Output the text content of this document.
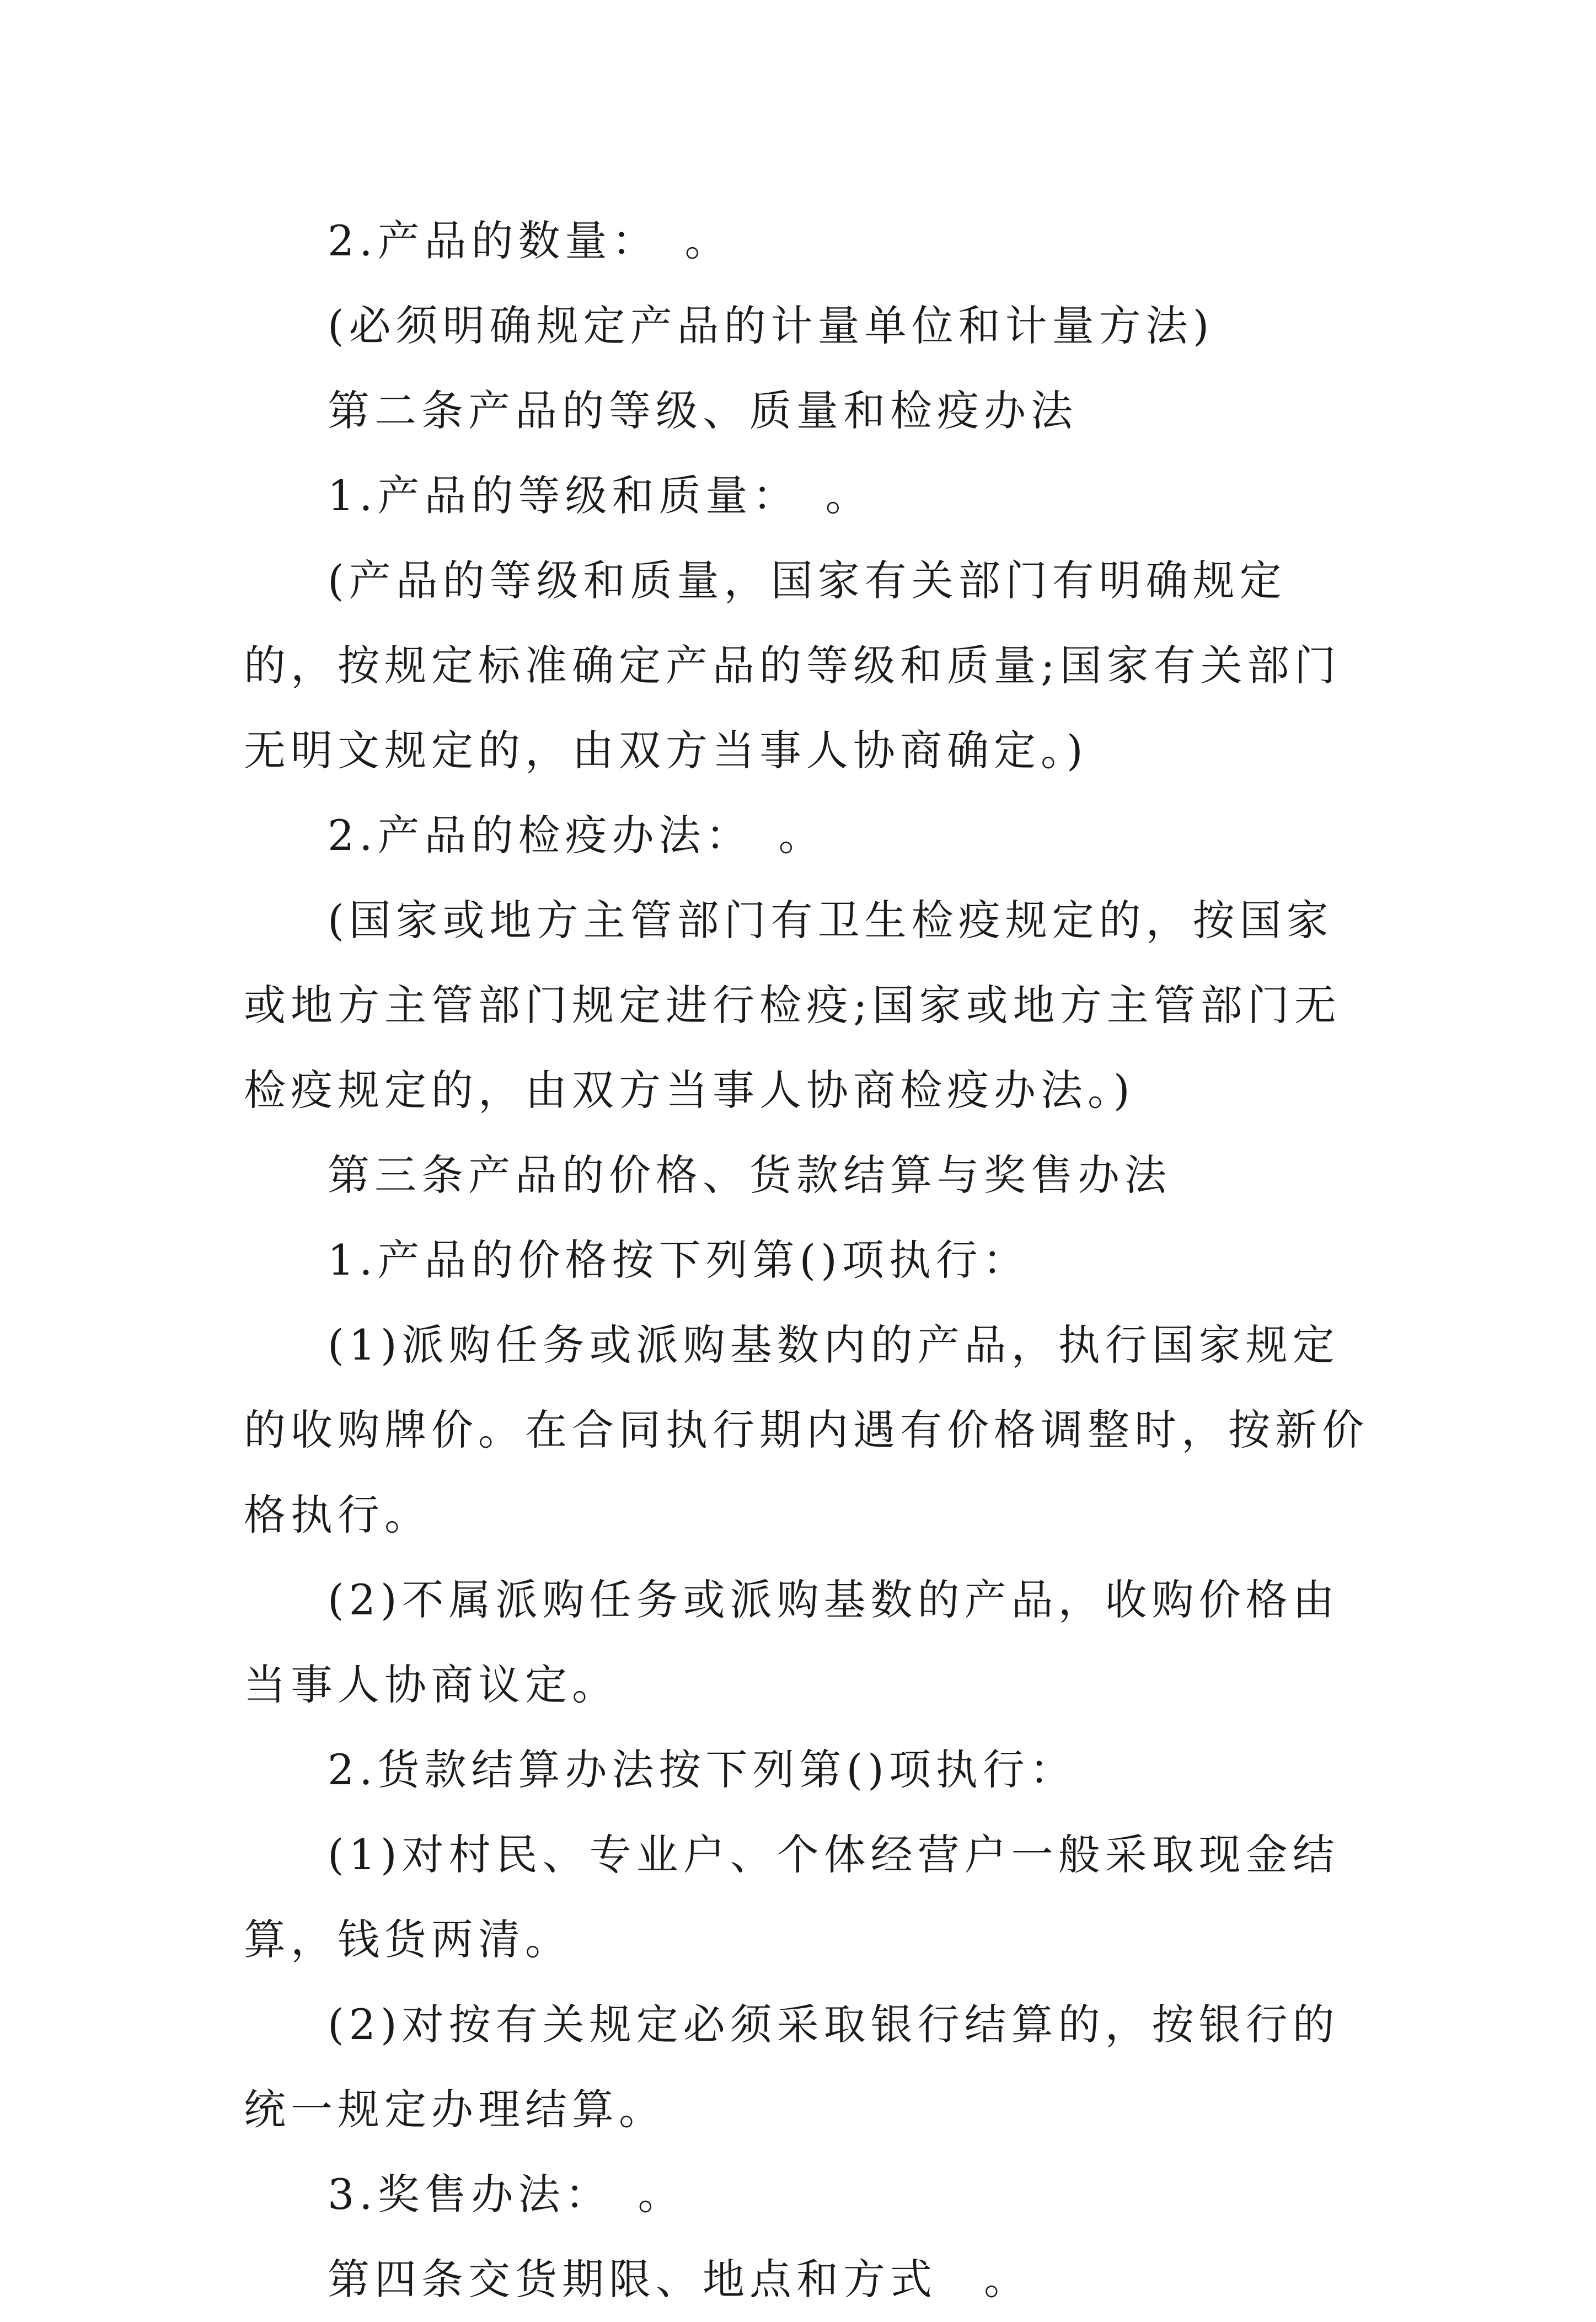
2.产品的数量：　。

(必须明确规定产品的计量单位和计量方法)

第二条产品的等级、质量和检疫办法

1.产品的等级和质量：　。

(产品的等级和质量，国家有关部门有明确规定的，按规定标准确定产品的等级和质量;国家有关部门无明文规定的，由双方当事人协商确定。)

2.产品的检疫办法：　。

(国家或地方主管部门有卫生检疫规定的，按国家或地方主管部门规定进行检疫;国家或地方主管部门无检疫规定的，由双方当事人协商检疫办法。)

第三条产品的价格、货款结算与奖售办法

1.产品的价格按下列第()项执行：

(1)派购任务或派购基数内的产品，执行国家规定的收购牌价。在合同执行期内遇有价格调整时，按新价格执行。

(2)不属派购任务或派购基数的产品，收购价格由当事人协商议定。

2.货款结算办法按下列第()项执行：

(1)对村民、专业户、个体经营户一般采取现金结算，钱货两清。

(2)对按有关规定必须采取银行结算的，按银行的统一规定办理结算。

3.奖售办法：　。

第四条交货期限、地点和方式　。
